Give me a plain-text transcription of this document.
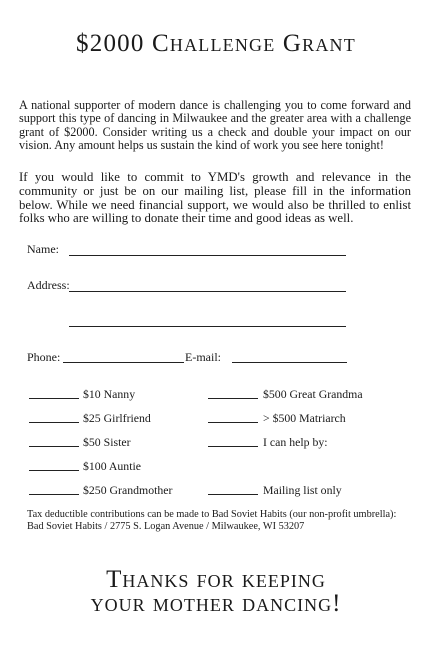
$2000 Challenge Grant

A national supporter of modern dance is challenging you to come forward and support this type of dancing in Milwaukee and the greater area with a challenge grant of $2000. Consider writing us a check and double your impact on our vision. Any amount helps us sustain the kind of work you see here tonight!

If you would like to commit to YMD's growth and relevance in the community or just be on our mailing list, please fill in the information below. While we need financial support, we would also be thrilled to enlist folks who are willing to donate their time and good ideas as well.

Name:
Address:
Phone:	E-mail:
$10 Nanny
$25 Girlfriend
$50 Sister
$100 Auntie
$250 Grandmother
$500 Great Grandma
> $500 Matriarch
I can help by:
Mailing list only
Tax deductible contributions can be made to Bad Soviet Habits (our non-profit umbrella):
Bad Soviet Habits / 2775 S. Logan Avenue / Milwaukee, WI 53207
Thanks for keeping
your mother dancing!
